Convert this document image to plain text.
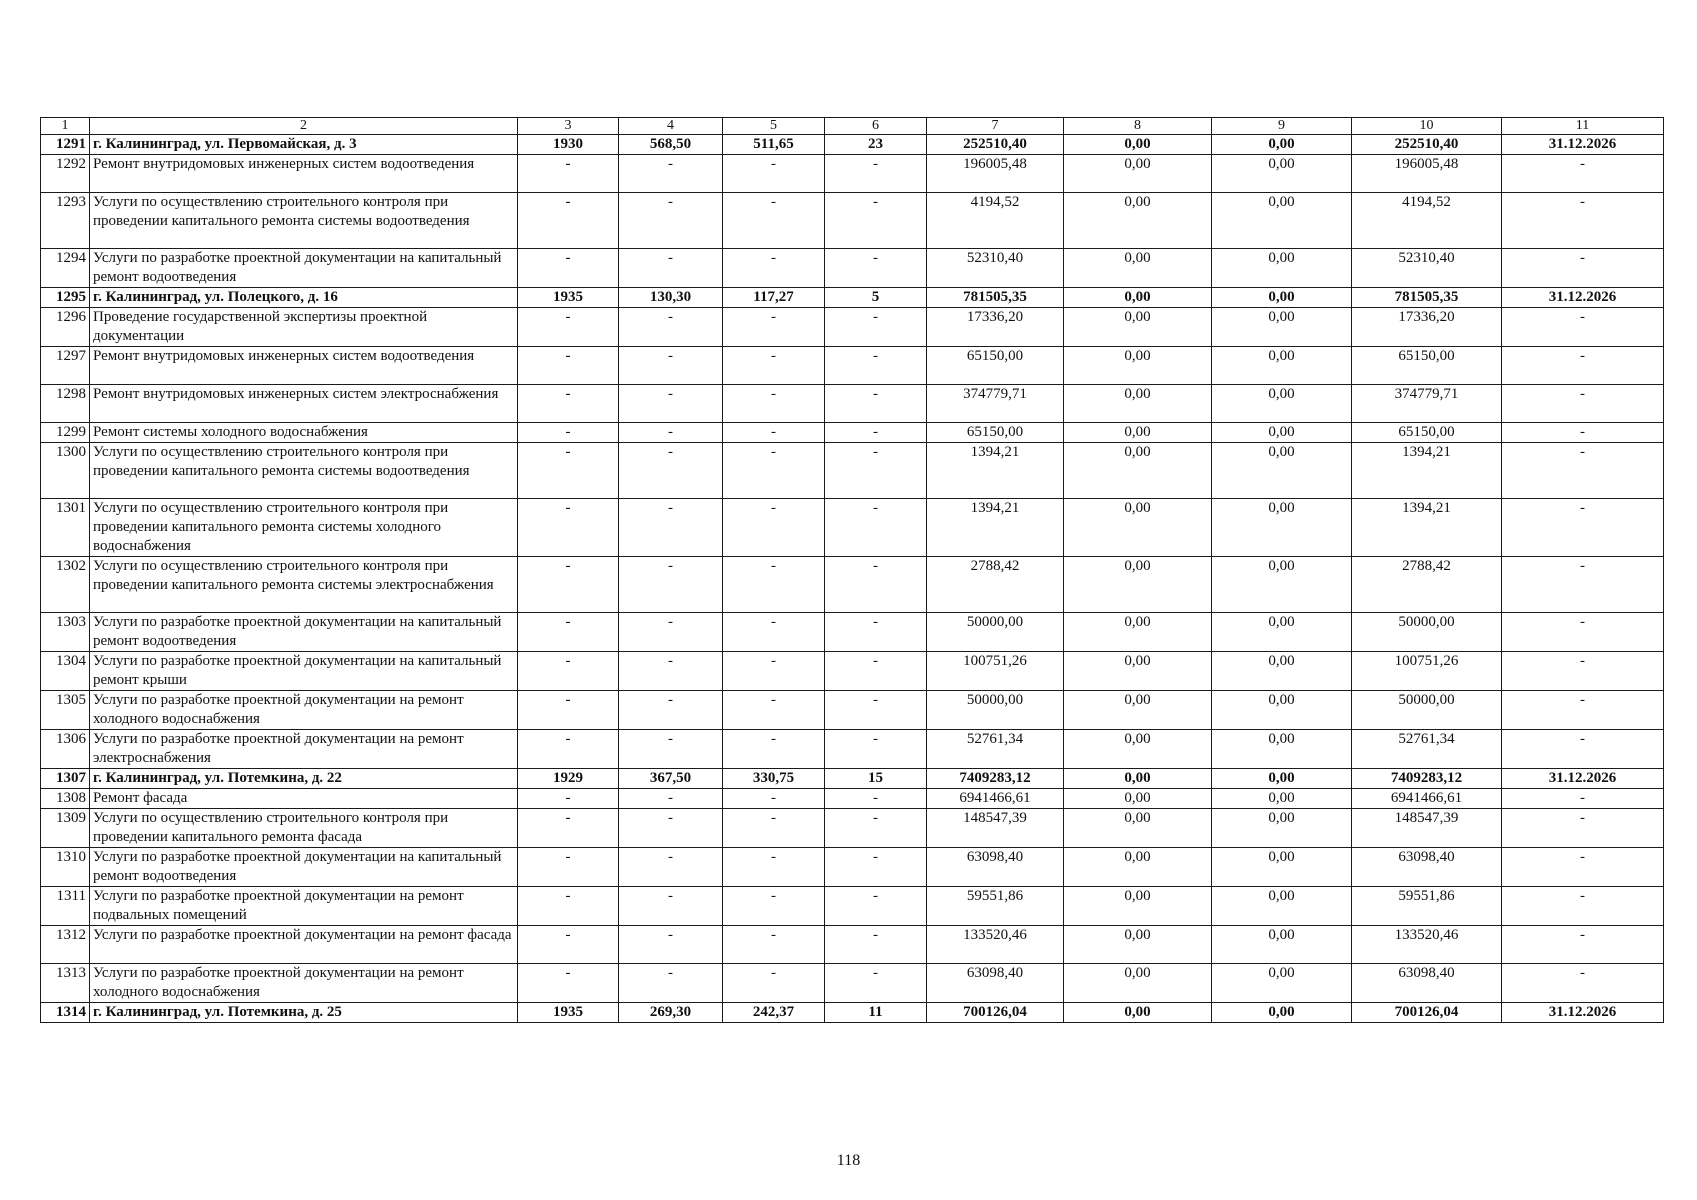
1	2	3	4	5	6	7	8	9	10	11
1291	г. Калининград, ул. Первомайская, д. 3	1930	568,50	511,65	23	252510,40	0,00	0,00	252510,40	31.12.2026
1292	Ремонт внутридомовых инженерных систем водоотведения	-	-	-	-	196005,48	0,00	0,00	196005,48	-
1293	Услуги по осуществлению строительного контроля при проведении капитального ремонта системы водоотведения	-	-	-	-	4194,52	0,00	0,00	4194,52	-
1294	Услуги по разработке проектной документации на капитальный ремонт водоотведения	-	-	-	-	52310,40	0,00	0,00	52310,40	-
1295	г. Калининград, ул. Полецкого, д. 16	1935	130,30	117,27	5	781505,35	0,00	0,00	781505,35	31.12.2026
1296	Проведение государственной экспертизы проектной документации	-	-	-	-	17336,20	0,00	0,00	17336,20	-
1297	Ремонт внутридомовых инженерных систем водоотведения	-	-	-	-	65150,00	0,00	0,00	65150,00	-
1298	Ремонт внутридомовых инженерных систем электроснабжения	-	-	-	-	374779,71	0,00	0,00	374779,71	-
1299	Ремонт системы холодного водоснабжения	-	-	-	-	65150,00	0,00	0,00	65150,00	-
1300	Услуги по осуществлению строительного контроля при проведении капитального ремонта системы водоотведения	-	-	-	-	1394,21	0,00	0,00	1394,21	-
1301	Услуги по осуществлению строительного контроля при проведении капитального ремонта системы холодного водоснабжения	-	-	-	-	1394,21	0,00	0,00	1394,21	-
1302	Услуги по осуществлению строительного контроля при проведении капитального ремонта системы электроснабжения	-	-	-	-	2788,42	0,00	0,00	2788,42	-
1303	Услуги по разработке проектной документации на капитальный ремонт водоотведения	-	-	-	-	50000,00	0,00	0,00	50000,00	-
1304	Услуги по разработке проектной документации на капитальный ремонт крыши	-	-	-	-	100751,26	0,00	0,00	100751,26	-
1305	Услуги по разработке проектной документации на ремонт холодного водоснабжения	-	-	-	-	50000,00	0,00	0,00	50000,00	-
1306	Услуги по разработке проектной документации на ремонт электроснабжения	-	-	-	-	52761,34	0,00	0,00	52761,34	-
1307	г. Калининград, ул. Потемкина, д. 22	1929	367,50	330,75	15	7409283,12	0,00	0,00	7409283,12	31.12.2026
1308	Ремонт фасада	-	-	-	-	6941466,61	0,00	0,00	6941466,61	-
1309	Услуги по осуществлению строительного контроля при проведении капитального ремонта фасада	-	-	-	-	148547,39	0,00	0,00	148547,39	-
1310	Услуги по разработке проектной документации на капитальный ремонт водоотведения	-	-	-	-	63098,40	0,00	0,00	63098,40	-
1311	Услуги по разработке проектной документации на ремонт подвальных помещений	-	-	-	-	59551,86	0,00	0,00	59551,86	-
1312	Услуги по разработке проектной документации на ремонт фасада	-	-	-	-	133520,46	0,00	0,00	133520,46	-
1313	Услуги по разработке проектной документации на ремонт холодного водоснабжения	-	-	-	-	63098,40	0,00	0,00	63098,40	-
1314	г. Калининград, ул. Потемкина, д. 25	1935	269,30	242,37	11	700126,04	0,00	0,00	700126,04	31.12.2026
118
